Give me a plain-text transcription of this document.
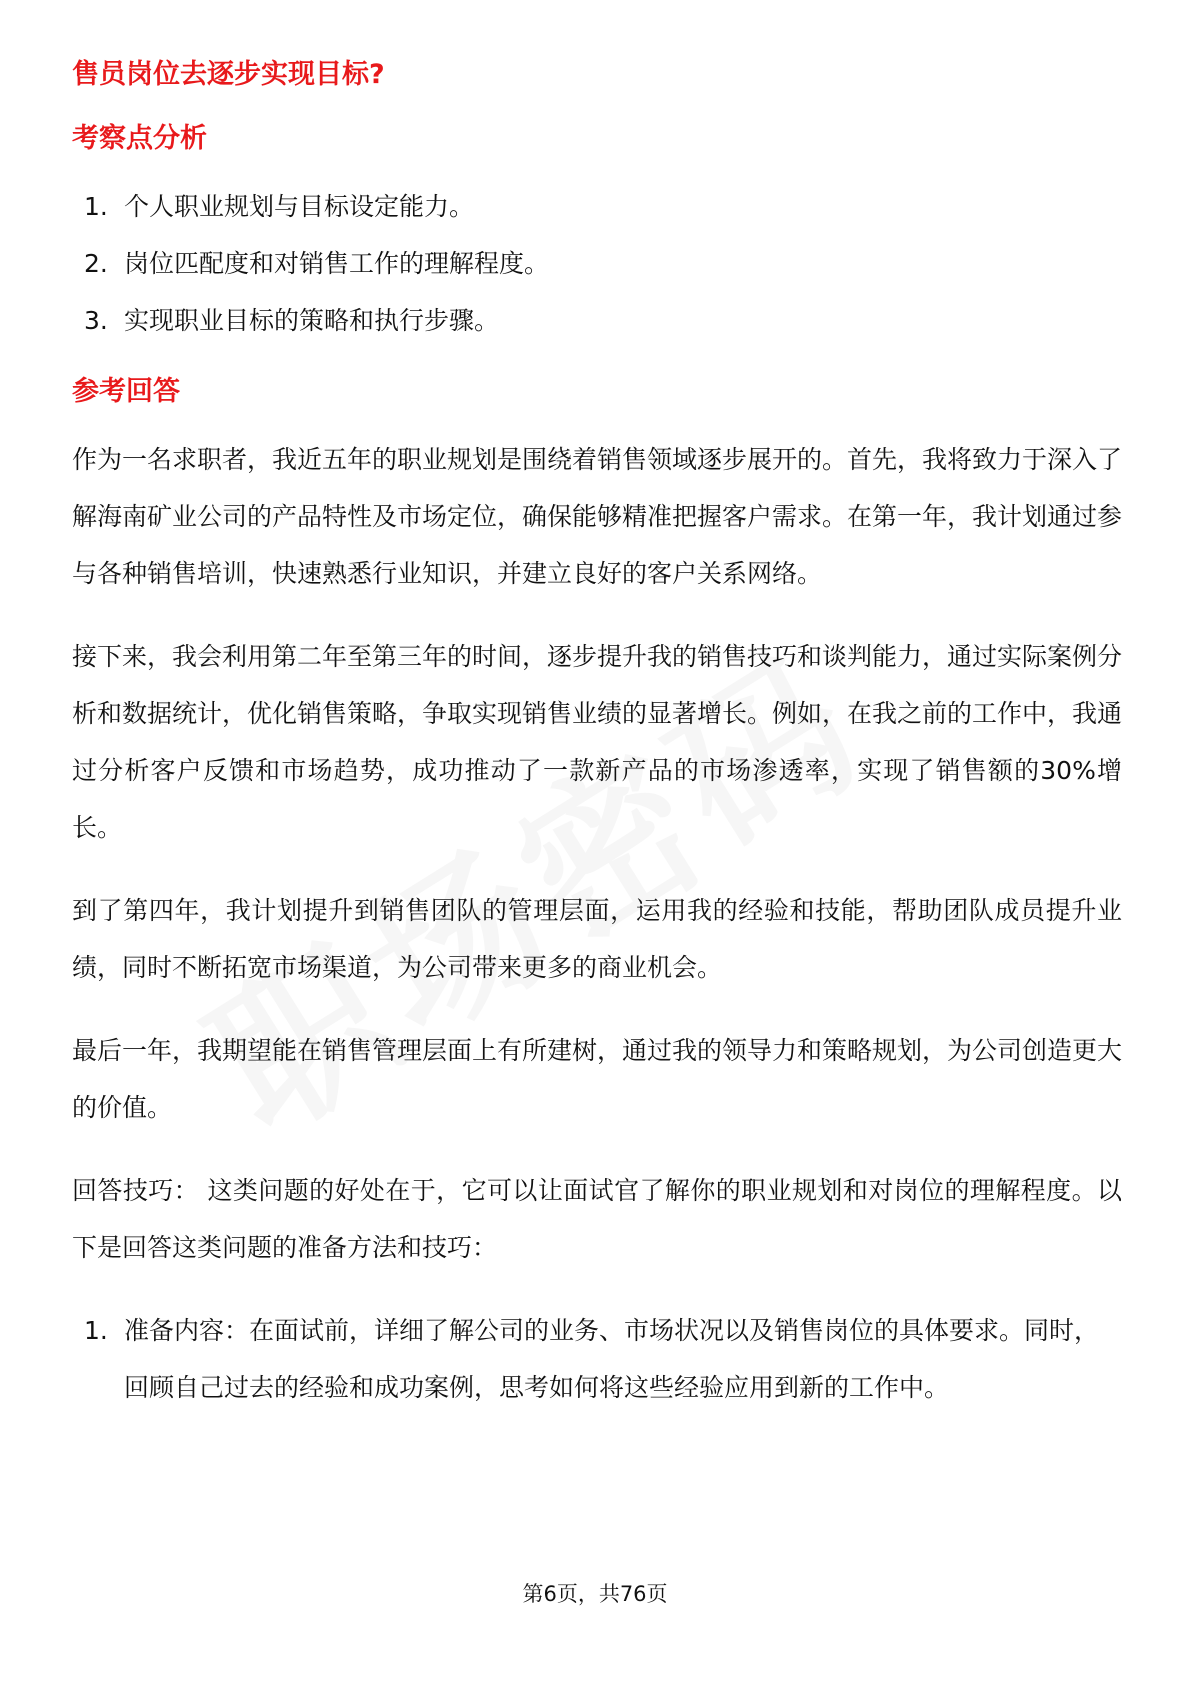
售员岗位去逐步实现目标?
考察点分析
1. 个人职业规划与目标设定能力。
2. 岗位匹配度和对销售工作的理解程度。
3. 实现职业目标的策略和执行步骤。
参考回答

作为一名求职者，我近五年的职业规划是围绕着销售领域逐步展开的。首先，我将致力于深入了解海南矿业公司的产品特性及市场定位，确保能够精准把握客户需求。在第一年，我计划通过参与各种销售培训，快速熟悉行业知识，并建立良好的客户关系网络。

接下来，我会利用第二年至第三年的时间，逐步提升我的销售技巧和谈判能力，通过实际案例分析和数据统计，优化销售策略，争取实现销售业绩的显著增长。例如，在我之前的工作中，我通过分析客户反馈和市场趋势，成功推动了一款新产品的市场渗透率，实现了销售额的30%增长。

到了第四年，我计划提升到销售团队的管理层面，运用我的经验和技能，帮助团队成员提升业绩，同时不断拓宽市场渠道，为公司带来更多的商业机会。

最后一年，我期望能在销售管理层面上有所建树，通过我的领导力和策略规划，为公司创造更大的价值。

回答技巧： 这类问题的好处在于，它可以让面试官了解你的职业规划和对岗位的理解程度。以下是回答这类问题的准备方法和技巧：

1. 准备内容：在面试前，详细了解公司的业务、市场状况以及销售岗位的具体要求。同时，回顾自己过去的经验和成功案例，思考如何将这些经验应用到新的工作中。
第6页，共76页
